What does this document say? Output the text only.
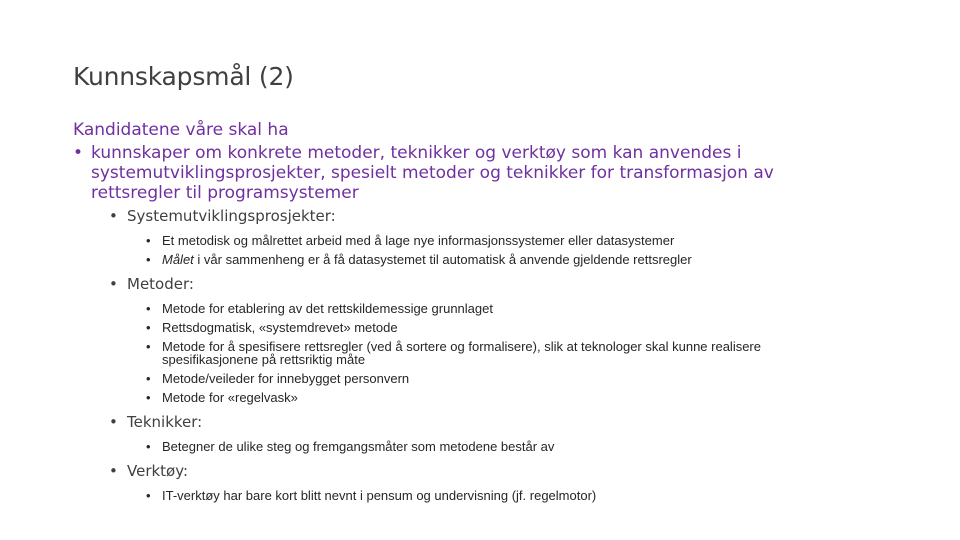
Kunnskapsmål (2)
Kandidatene våre skal ha
• kunnskaper om konkrete metoder, teknikker og verktøy som kan anvendes i
systemutviklingsprosjekter, spesielt metoder og teknikker for transformasjon av
rettsregler til programsystemer
• Systemutviklingsprosjekter:
• Et metodisk og målrettet arbeid med å lage nye informasjonssystemer eller datasystemer
• Målet i vår sammenheng er å få datasystemet til automatisk å anvende gjeldende rettsregler
• Metoder:
• Metode for etablering av det rettskildemessige grunnlaget
• Rettsdogmatisk, «systemdrevet» metode
• Metode for å spesifisere rettsregler (ved å sortere og formalisere), slik at teknologer skal kunne realisere
spesifikasjonene på rettsriktig måte
• Metode/veileder for innebygget personvern
• Metode for «regelvask»
• Teknikker:
• Betegner de ulike steg og fremgangsmåter som metodene består av
• Verktøy:
• IT-verktøy har bare kort blitt nevnt i pensum og undervisning (jf. regelmotor)
